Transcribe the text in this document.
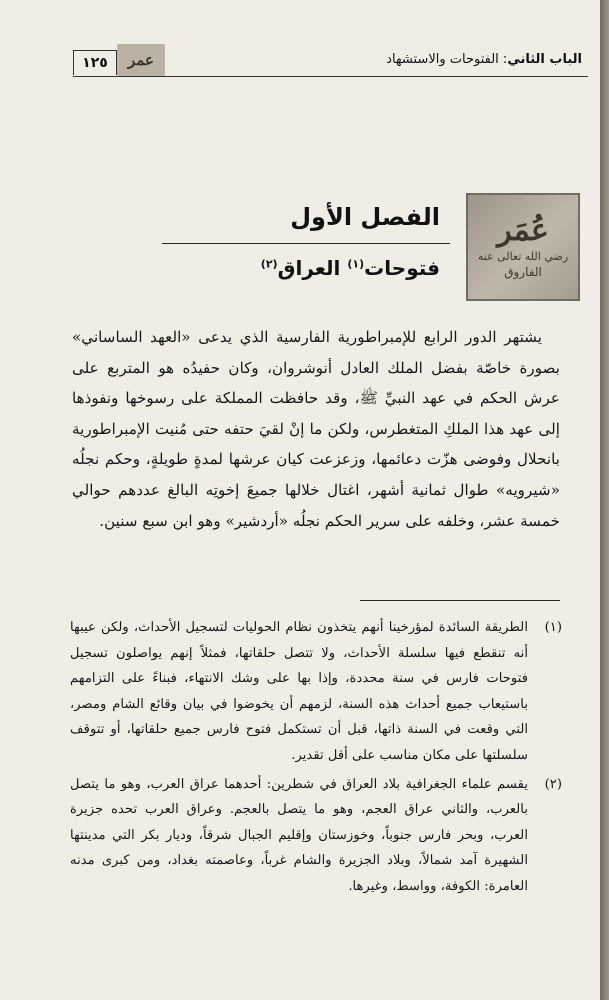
١٢٥	عمر	الباب الثاني: الفتوحات والاستشهاد
عُمَر
رضي الله تعالى عنه
الفاروق
الفصل الأول
فتوحات$^{(١)}$ العراق$^{(٢)}$

يشتهر الدور الرابع للإمبراطورية الفارسية الذي يدعى «العهد الساساني» بصورة خاصّة بفضل الملك العادل أنوشروان، وكان حفيدُه هو المتربع على عرش الحكم في عهد النبيِّ ﷺ، وقد حافظت المملكة على رسوخها ونفوذها إلى عهد هذا الملكِ المتغطرس، ولكن ما إنْ لقيَ حتفه حتى مُنيت الإمبراطورية بانحلال وفوضى هزّت دعائمها، وزعزعت كيان عرشها لمدةٍ طويلةٍ، وحكم نجلُه «شيرويه» طوال ثمانية أشهر، اغتال خلالها جميعَ إخوتِه البالغ عددهم حوالي خمسة عشر، وخلفه على سرير الحكم نجلُه «أردشير» وهو ابن سبع سنين.

(١)
الطريقة السائدة لمؤرخينا أنهم يتخذون نظام الحوليات لتسجيل الأحداث، ولكن عيبها أنه تنقطع فيها سلسلة الأحداث، ولا تتصل حلقاتها، فمثلاً إنهم يواصلون تسجيل فتوحات فارس في سنة محددة، وإذا بها على وشك الانتهاء، فبناءً على التزامهم باستيعاب جميع أحداث هذه السنة، لزمهم أن يخوضوا في بيان وقائع الشام ومصر، التي وقعت في السنة ذاتها، قبل أن تستكمل فتوح فارس جميع حلقاتها، أو تتوقف سلسلتها على مكان مناسب على أقل تقدير.
(٢)
يقسم علماء الجغرافية بلاد العراق في شطرين: أحدهما عراق العرب، وهو ما يتصل بالعرب، والثاني عراق العجم، وهو ما يتصل بالعجم. وعراق العرب تحده جزيرة العرب، وبحر فارس جنوباً، وخوزستان وإقليم الجبال شرقاً، وديار بكر التي مدينتها الشهيرة آمد شمالاً، وبلاد الجزيرة والشام غرباً، وعاصمته بغداد، ومن كبرى مدنه العامرة: الكوفة، وواسط، وغيرها.
